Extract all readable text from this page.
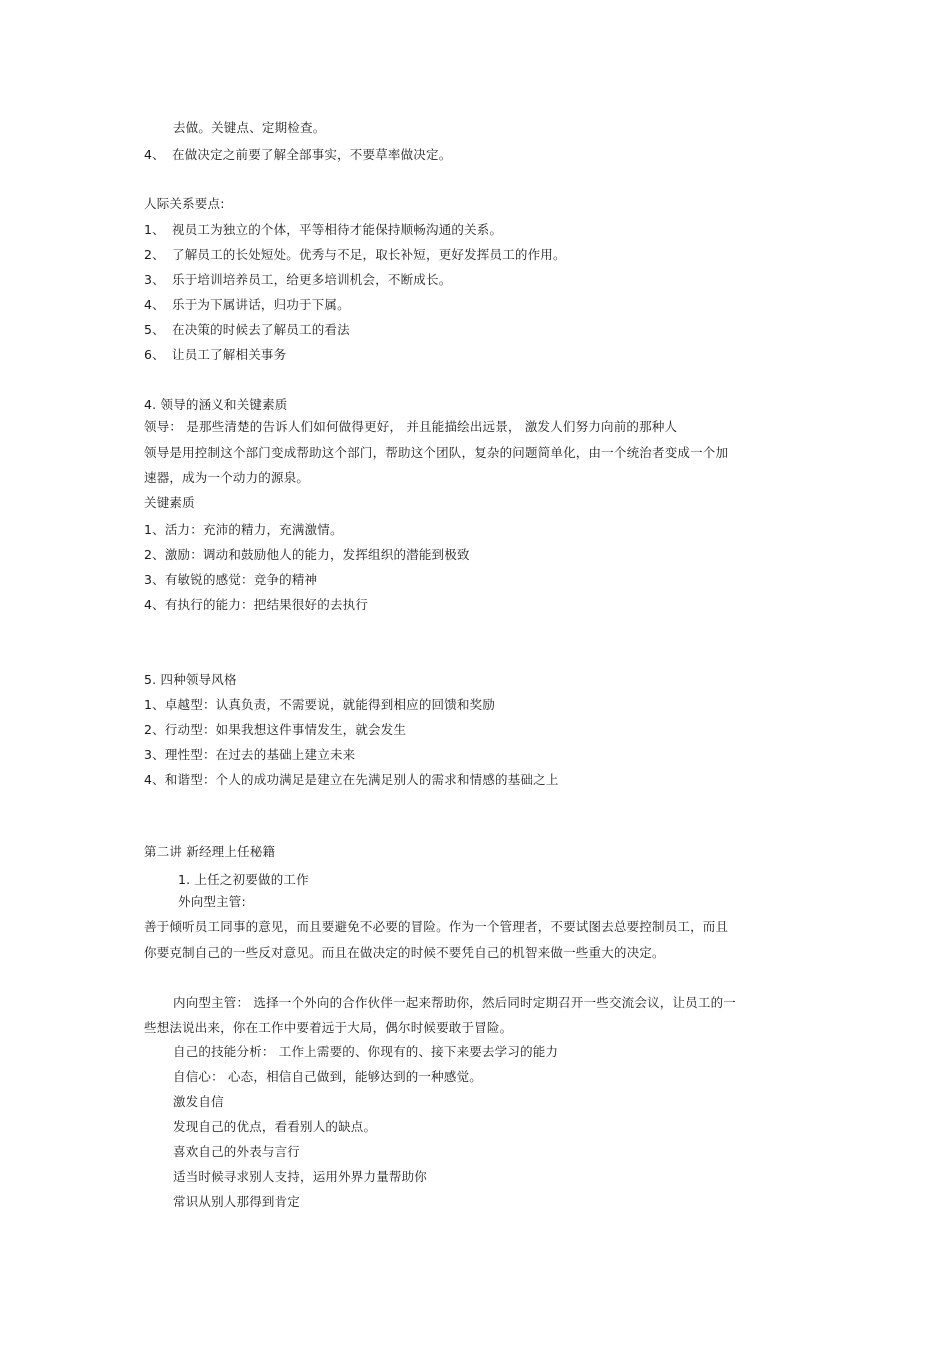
去做。关键点、定期检查。
4、 在做决定之前要了解全部事实，不要草率做决定。
人际关系要点:
1、 视员工为独立的个体，平等相待才能保持顺畅沟通的关系。
2、 了解员工的长处短处。优秀与不足，取长补短，更好发挥员工的作用。
3、 乐于培训培养员工，给更多培训机会，不断成长。
4、 乐于为下属讲话，归功于下属。
5、 在决策的时候去了解员工的看法
6、 让员工了解相关事务
4. 领导的涵义和关键素质
领导： 是那些清楚的告诉人们如何做得更好， 并且能描绘出远景， 激发人们努力向前的那种人
领导是用控制这个部门变成帮助这个部门，帮助这个团队，复杂的问题简单化，由一个统治者变成一个加
速器，成为一个动力的源泉。
关键素质
1、活力：充沛的精力，充满激情。
2、激励：调动和鼓励他人的能力，发挥组织的潜能到极致
3、有敏锐的感觉：竞争的精神
4、有执行的能力：把结果很好的去执行
5. 四种领导风格
1、卓越型：认真负责，不需要说，就能得到相应的回馈和奖励
2、行动型：如果我想这件事情发生，就会发生
3、理性型：在过去的基础上建立未来
4、和谐型：个人的成功满足是建立在先满足别人的需求和情感的基础之上
第二讲 新经理上任秘籍
1. 上任之初要做的工作
外向型主管:
善于倾听员工同事的意见，而且要避免不必要的冒险。作为一个管理者，不要试图去总要控制员工，而且
你要克制自己的一些反对意见。而且在做决定的时候不要凭自己的机智来做一些重大的决定。
内向型主管： 选择一个外向的合作伙伴一起来帮助你，然后同时定期召开一些交流会议，让员工的一
些想法说出来，你在工作中要着远于大局，偶尔时候要敢于冒险。
自己的技能分析： 工作上需要的、你现有的、接下来要去学习的能力
自信心： 心态，相信自己做到，能够达到的一种感觉。
激发自信
发现自己的优点，看看别人的缺点。
喜欢自己的外表与言行
适当时候寻求别人支持，运用外界力量帮助你
常识从别人那得到肯定
